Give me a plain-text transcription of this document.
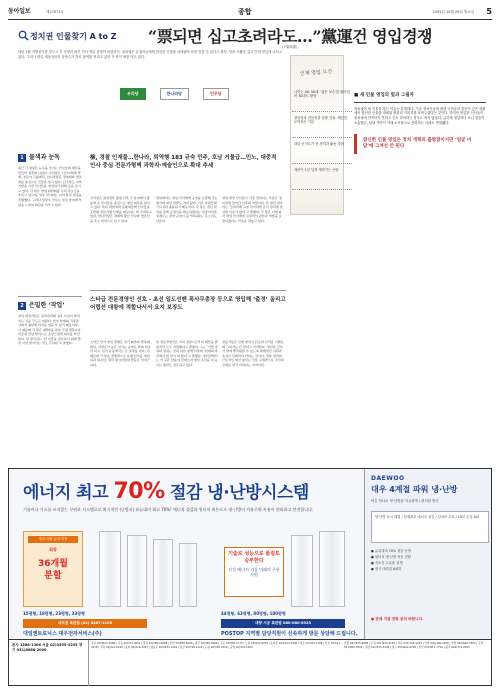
동아일보	제27873호	종합	2005년 10월 26일 월요일 5
정치권 인물찾기 A to Z “票되면 십고초려라도…”黨運건 영입경쟁
(十顧草廬)
내년 5월 지방선거를 앞두고 각 정당의 외부 인사 영입 경쟁이 치열하다. 정치권은 유권자들에게 참신한 인물을 내세워야 표를 얻을 수 있다고 판단, 당의 사활을 걸고 인재 영입에 나서고 있다. 그러나 영입 대상자들의 상당수가 정치 참여를 꺼리고 있어 각 당이 애를 먹고 있다.
우리당	한나라당	민주당
인재 영입 요건
나이는 40, 50대. '젊은 보수'를 뛰어넘어 30대도 환영
참신성과 전문성을 갖춘 인물. 깨끗한 도덕성은 기본
대중 인지도가 큰 경력과 활동 경험
재산이 1년 일정 재력가는 곤란
■ 새 인물 영입의 빛과 그림자
정치권이 새 인물을 찾는 이유는 분명하다. 기존 정치인들에 대한 국민들의 불신이 깊은 상황에서 참신한 인물을 내세워 변화의 이미지를 보여주겠다는 것이다. 하지만 영입된 인사들이 정치권에 안착하지 못하고 중도 하차하는 경우도 적지 않았다. 급하게 영입하다 보니 검증이 소홀했고, 당내 기반이 약해 소모품으로 전락하는 사례도 반복됐다.
참신한 인물 영입은 정치 개혁의 출발점이지만 ‘얼굴 마담’에 그쳐선 안 된다
1 물색과 눈독
최근 각 정당은 눈독을 들이는 인사들의 명단을 만들어 접촉에 나섰다. 우리당은 시민사회와 학계, 전문가 그룹에서, 한나라당은 경제계와 법조계를 중심으로 인물을 찾고 있다. 민주당도 지역 기반을 가진 인사들을 영입하기 위해 공을 들이고 있다. 각 당은 영입 위원회를 꾸려 후보군을 추리고 있으며, 일부 인사와는 이미 물밑 접촉을 진행했다. 그러나 상당수 인사는 정치 참여에 부담을 느끼며 확답을 미루고 있다.
2 은밀한 ‘작업’
영입 대상자들은 정치권과의 접촉 사실이 알려지는 것을 극도로 꺼린다. 자칫 현재의 직장과 사회적 평판에 타격을 입을 수 있기 때문이다. 이 때문에 각 당은 제3자를 통한 간접 접촉이나 비공개 만남 방식으로 조심스럽게 의사를 타진한다. 한 당직자는 ‘한 사람을 설득하기 위해 열 번 이상 찾아가는 일도 흔하다’고 말했다.
檢, 경찰 인재풀…한나라, 퇴역행 183 규숙 민주, 호남 거물급…민노, 대중적 인사 중심 전문가형벽 과학자·예술인으로 확대 추세
우리당은 참여정부 출범 이후 각 분야에서 활동해 온 인사들을 중심으로 영입 대상을 넓히고 있다. 특히 과학계와 문화예술계 인사들을 포함해 전문가형 인재를 확보하는 데 주력하고 있다. 한나라당은 경제계 출신 인사와 법조인을 주요 대상으로 삼고 있다.
당내에서는 영입 인사에게 공천을 보장해 주는 방식에 대한 반발도 적지 않다. 기존 당원들의 기득권과 충돌하기 때문이다. 각 당은 경선 절차를 통해 공정성을 확보하겠다는 입장이지만, 실제로는 전략 공천이 불가피하다는 목소리도 나온다.
영입 대상 인사들이 가장 망설이는 부분은 정치권에 들어간 이후의 역할이다. 한 영입 대상자는 ‘들러리에 그칠 것이라면 굳이 정치에 참여할 이유가 없다’고 말했다. 각 당은 이에 따라 영입 인사에게 실질적인 권한과 역할을 보장하겠다는 약속을 내놓고 있다.
스타급 전문경영인 선호 - 초선 일도선벤 폭사무총장 등으로 영입해 ‘출정’ 올리고 어렵선 대왕에 적합나서서 요지 보장도
스타급 인사 영입 경쟁은 선거 때마다 반복돼 왔다. 지명도가 높은 인사는 곧바로 당의 얼굴이 되고, 선거 운동에서도 큰 효과를 낸다. 이 때문에 각 당은 경쟁적으로 유명 인사를 영입하려 하지만, 정작 당사자들의 반응은 미지근하다.
한 전문경영인은 여러 정당으로부터 제안을 받았지만 모두 거절했다고 밝혔다. 그는 ‘기업 경영과 정치는 전혀 다른 영역’이라며 ‘현재의 자리에서 할 일이 더 많다’고 말했다. 정치권에서는 이 같은 반응이 잇따르자 영입 조건을 더 높이는 방안도 검토하고 있다.
전문가들은 인재 영입이 단순한 선거용 이벤트에 그쳐서는 안 된다고 지적한다. 영입한 인사가 당에 뿌리내릴 수 있도록 체계적인 지원과 육성이 뒤따라야 한다는 것이다. 정당 정치의 근본적인 혁신 없이는 인물 교체만으로 국민의 신뢰를 얻기 어렵다는 지적이다.
에너지 최고 70% 절감 냉·난방시스템
기름이나 가스를 쓰지않는 무연료 시스템으로 획기적인 (난방시) 유류대비 최고 70%! 에너지 절감과 원터치 버튼으로 냉·난방이 자유로워 사용이 편리하고 안전합니다.
정부지원 금리적용
최장
36개월
분할
기술로 성능으로 품질로 승부한다
선진 에너지 기술 미래의 무한 자원
15평형, 18평형, 23평형, 33평형	44평형, 63평형, 80평형, 100평형
대리점 특판팀 (02) 3487-2105	대량 시공 특판팀 080-080-0923
대일엔트로닉스 대우전자서비스(주)	POSTOP 지역별 담당직원이 신속하게 방문 상담해 드립니다.
DAEWOO
대우 4계절 파워 냉·난방
버튼 하나로 냉·난방을 자유롭게 / 편리한 방식
냉·난방 동시 해결 / 업계최초 에너지 절감 / 설치비 무료 / 10년 무상 A/S
● 유류대비 70% 절감 난방
● 원터치 냉·난방 자동 전환
● 저소음 고효율 설계
● 전국 대리점 A/S망
● 판매 지점 전화 문의 바랍니다.
본사 1588-1366 서울 02)3555-3255 경기 031)8888-2000
강남 02)3461-5588 | 강동 02)474-0052 | 강서 02)2662-0888 | 관악 02)888-8280 | 광진 02)456-0066 | 구로 02)856-2770 | 노원 02)932-6700 | 동대문 02)2212-3300 | 마포 02)323-7788 | 서초 02)521-4478 | 성북 02)921-0040 | 송파 02)416-4433 | 영등포 02)2633-1101 | 용산 02)798-1220 | 은평 02)356-2500 | 중랑 02)432-1500
인천 032)555-8989 | 수원 031)234-5555 | 성남 031)754-1234 | 안양 031)446-2200 | 부천 032)666-3300 | 고양 031)905-5500 | 대전 042)525-3300 | 대구 053)622-8200 | 부산 051)811-7700 | 광주 062)374-6500
